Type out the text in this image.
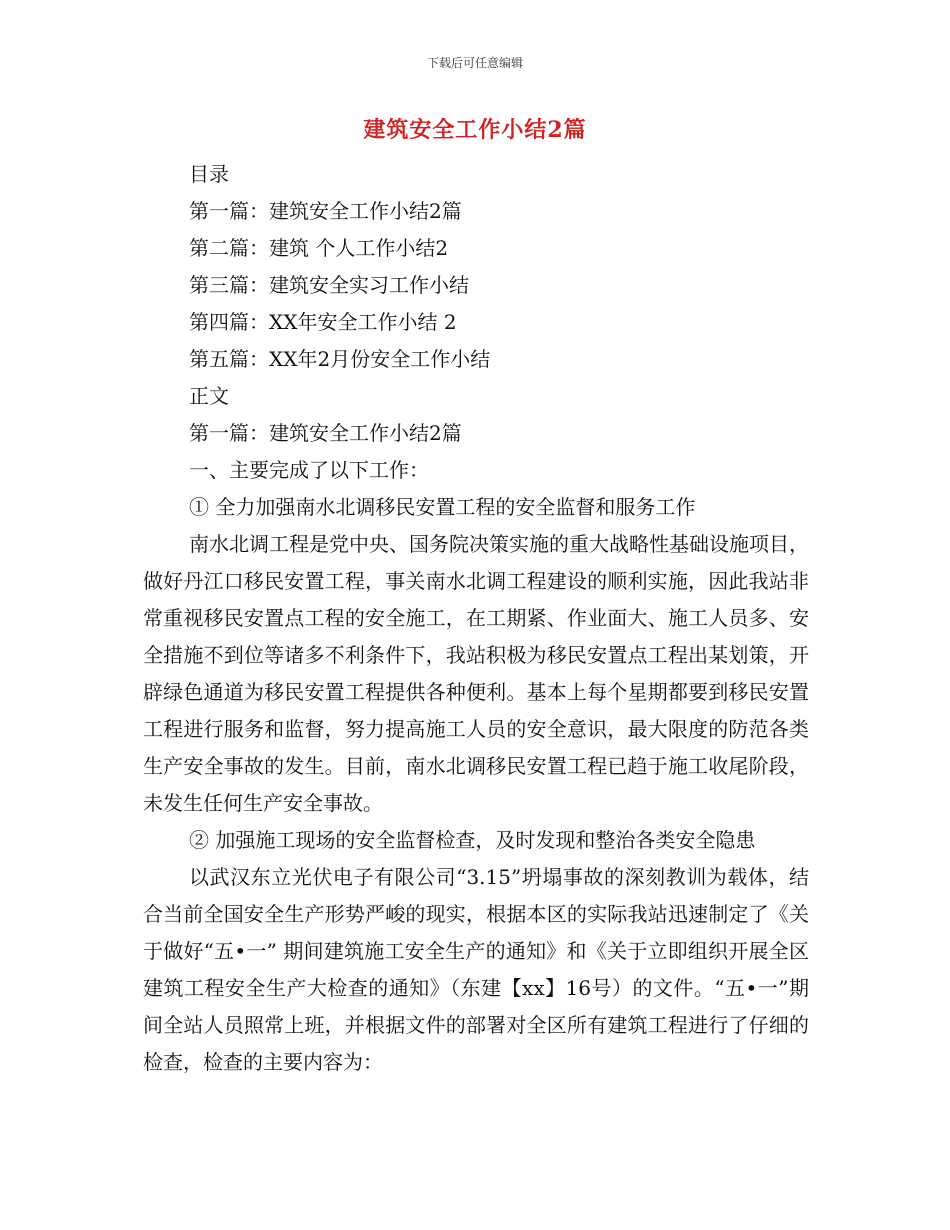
下载后可任意编辑
建筑安全工作小结2篇
目录
第一篇：建筑安全工作小结2篇
第二篇：建筑 个人工作小结2
第三篇：建筑安全实习工作小结
第四篇：XX年安全工作小结 2
第五篇：XX年2月份安全工作小结
正文
第一篇：建筑安全工作小结2篇
一、主要完成了以下工作：
① 全力加强南水北调移民安置工程的安全监督和服务工作
南水北调工程是党中央、国务院决策实施的重大战略性基础设施项目，做好丹江口移民安置工程，事关南水北调工程建设的顺利实施，因此我站非常重视移民安置点工程的安全施工，在工期紧、作业面大、施工人员多、安全措施不到位等诸多不利条件下，我站积极为移民安置点工程出某划策，开辟绿色通道为移民安置工程提供各种便利。基本上每个星期都要到移民安置工程进行服务和监督，努力提高施工人员的安全意识，最大限度的防范各类生产安全事故的发生。目前，南水北调移民安置工程已趋于施工收尾阶段，未发生任何生产安全事故。
② 加强施工现场的安全监督检查，及时发现和整治各类安全隐患
以武汉东立光伏电子有限公司“3.15”坍塌事故的深刻教训为载体，结合当前全国安全生产形势严峻的现实，根据本区的实际我站迅速制定了《关于做好“五•一” 期间建筑施工安全生产的通知》和《关于立即组织开展全区建筑工程安全生产大检查的通知》（东建【xx】16号）的文件。“五•一”期间全站人员照常上班，并根据文件的部署对全区所有建筑工程进行了仔细的检查，检查的主要内容为：
